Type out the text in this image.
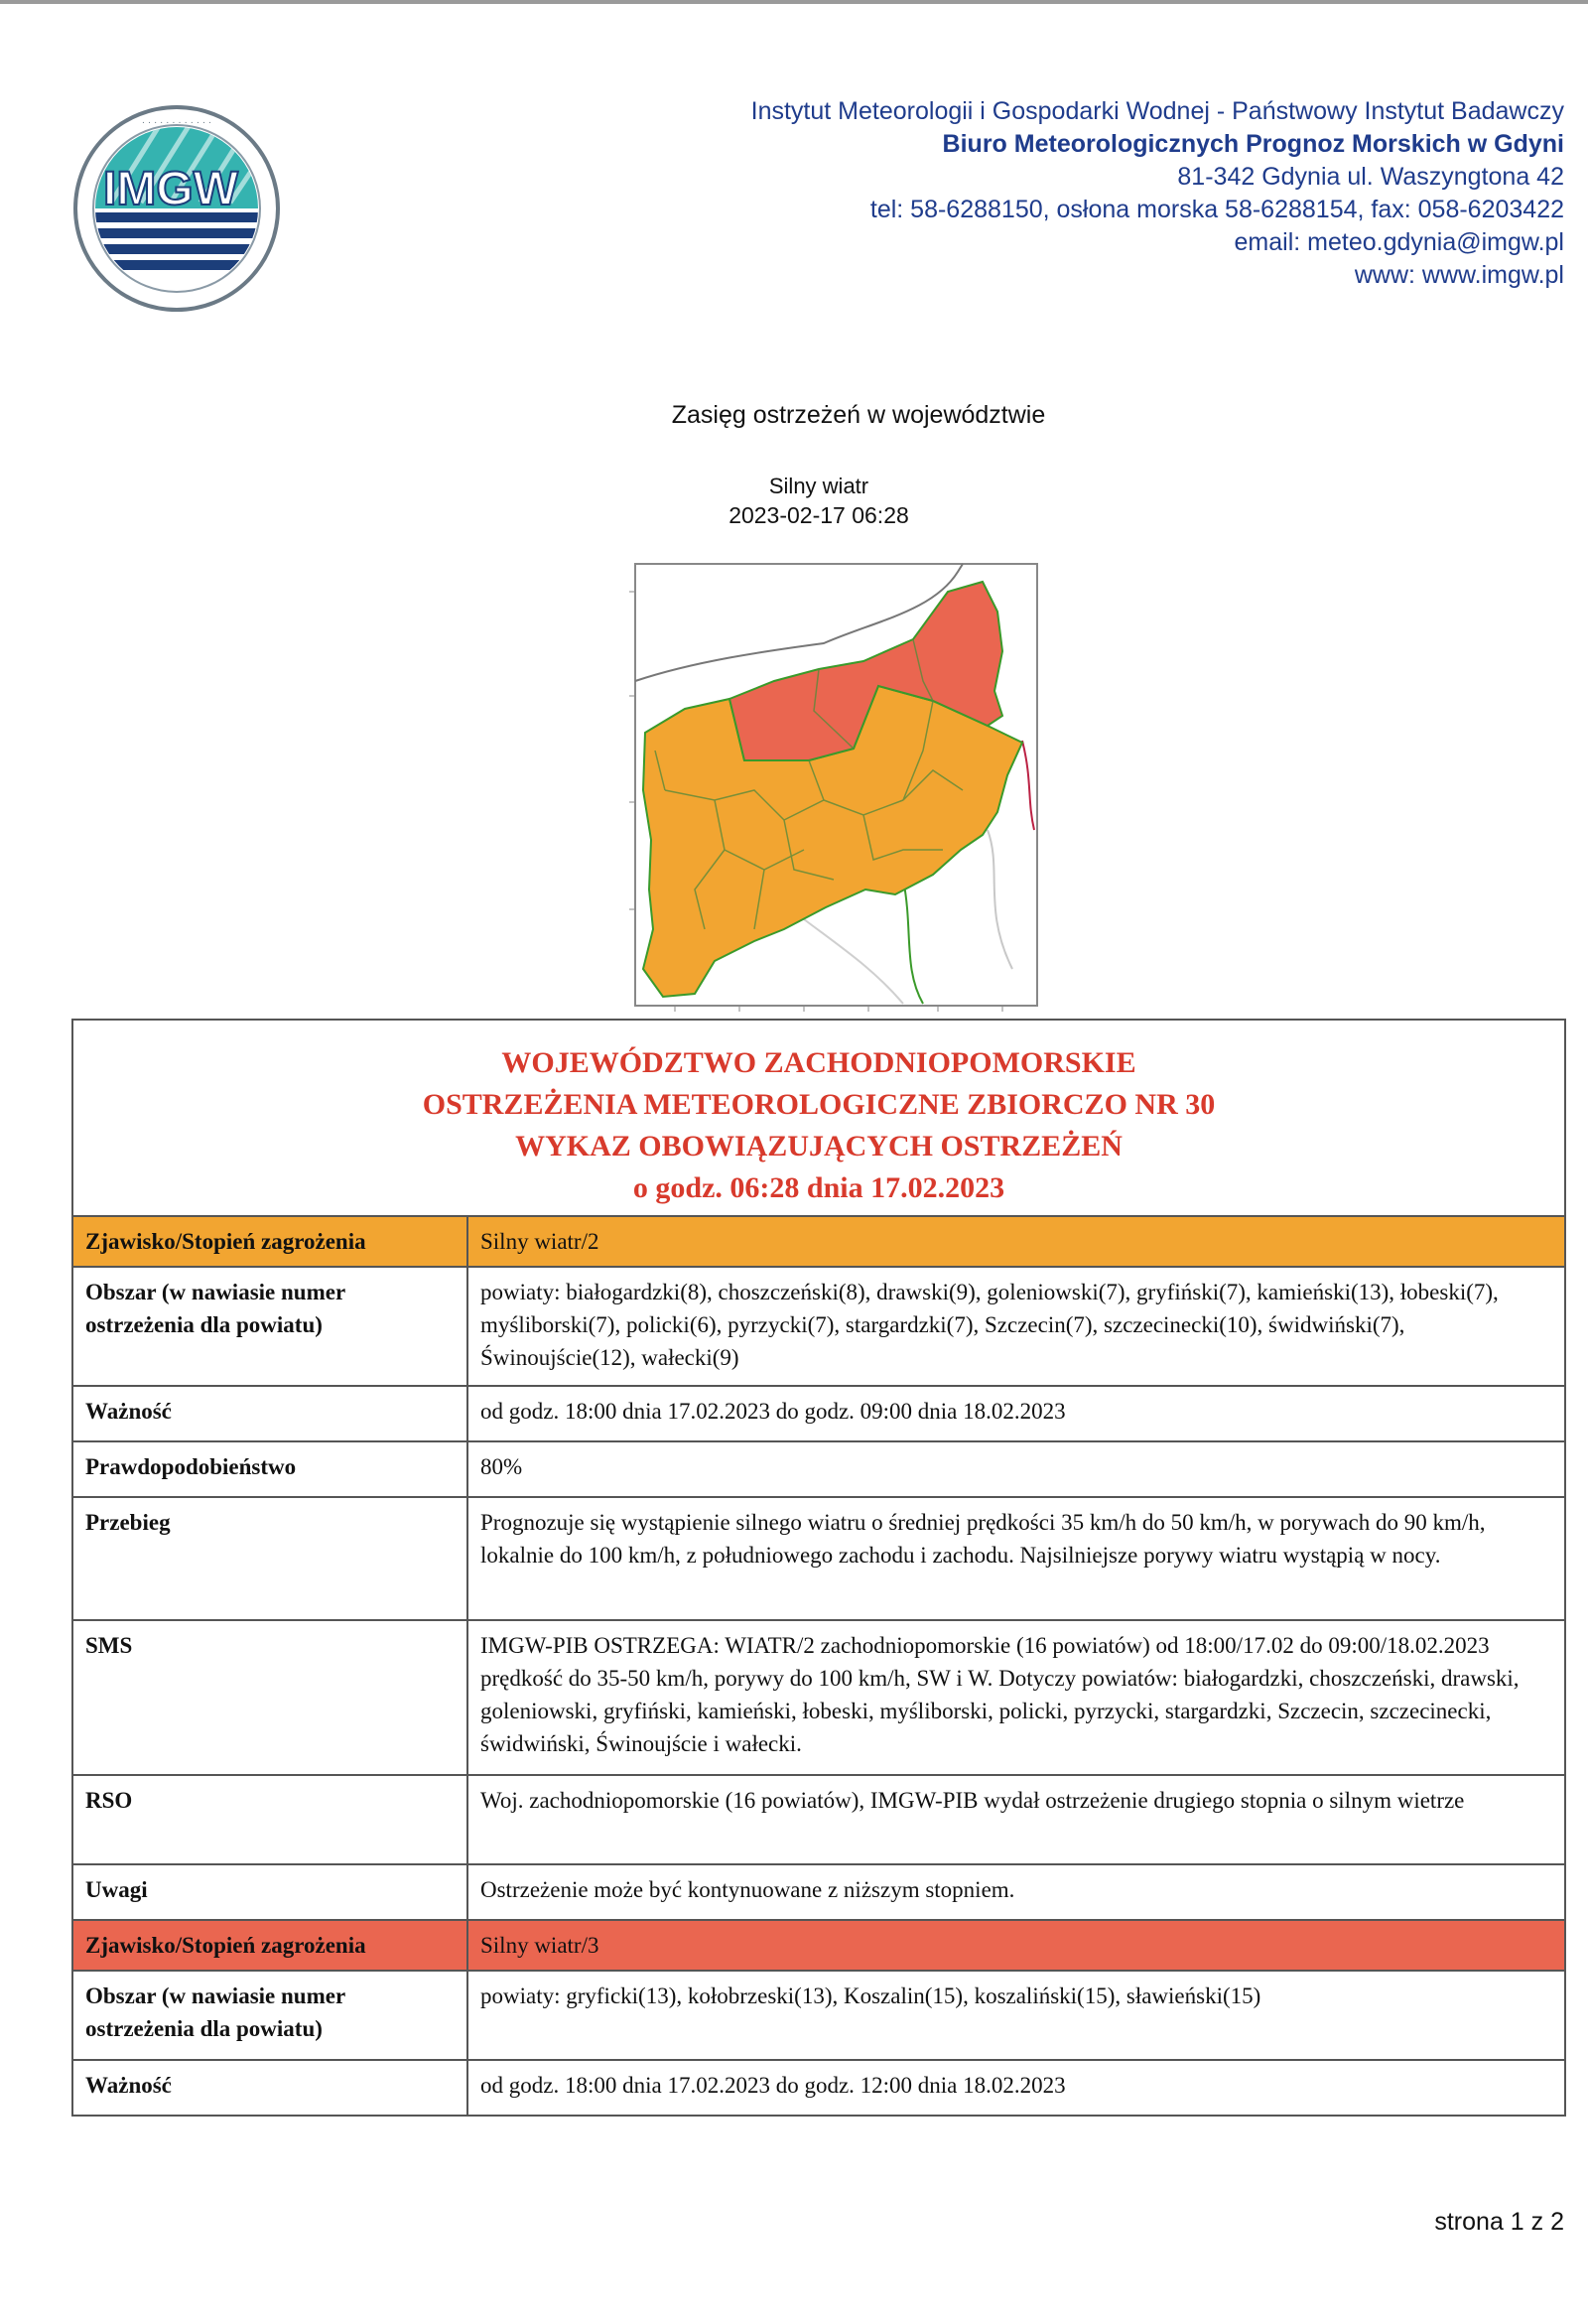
IMGW
· · · · · · · · · · · ·	Instytut Meteorologii i Gospodarki Wodnej - Państwowy Instytut Badawczy
Biuro Meteorologicznych Prognoz Morskich w Gdyni
81-342 Gdynia ul. Waszyngtona 42
tel: 58-6288150, osłona morska 58-6288154, fax: 058-6203422
email: meteo.gdynia@imgw.pl
www: www.imgw.pl
Zasięg ostrzeżeń w województwie
Silny wiatr
2023-02-17 06:28
WOJEWÓDZTWO ZACHODNIOPOMORSKIE
OSTRZEŻENIA METEOROLOGICZNE ZBIORCZO NR 30
WYKAZ OBOWIĄZUJĄCYCH OSTRZEŻEŃ
o godz. 06:28 dnia 17.02.2023	

Zjawisko/Stopień zagrożenia	Silny wiatr/2
Obszar (w nawiasie numer ostrzeżenia dla powiatu)	powiaty: białogardzki(8), choszczeński(8), drawski(9), goleniowski(7), gryfiński(7), kamieński(13), łobeski(7), myśliborski(7), policki(6), pyrzycki(7), stargardzki(7), Szczecin(7), szczecinecki(10), świdwiński(7), Świnoujście(12), wałecki(9)
Ważność	od godz. 18:00 dnia 17.02.2023 do godz. 09:00 dnia 18.02.2023
Prawdopodobieństwo	80%
Przebieg	Prognozuje się wystąpienie silnego wiatru o średniej prędkości 35 km/h do 50 km/h, w porywach do 90 km/h, lokalnie do 100 km/h, z południowego zachodu i zachodu. Najsilniejsze porywy wiatru wystąpią w nocy.
SMS	IMGW-PIB OSTRZEGA: WIATR/2 zachodniopomorskie (16 powiatów) od 18:00/17.02 do 09:00/18.02.2023 prędkość do 35-50 km/h, porywy do 100 km/h, SW i W. Dotyczy powiatów: białogardzki, choszczeński, drawski, goleniowski, gryfiński, kamieński, łobeski, myśliborski, policki, pyrzycki, stargardzki, Szczecin, szczecinecki, świdwiński, Świnoujście i wałecki.
RSO	Woj. zachodniopomorskie (16 powiatów), IMGW-PIB wydał ostrzeżenie drugiego stopnia o silnym wietrze
Uwagi	Ostrzeżenie może być kontynuowane z niższym stopniem.
Zjawisko/Stopień zagrożenia	Silny wiatr/3
Obszar (w nawiasie numer ostrzeżenia dla powiatu)	powiaty: gryficki(13), kołobrzeski(13), Koszalin(15), koszaliński(15), sławieński(15)
Ważność	od godz. 18:00 dnia 17.02.2023 do godz. 12:00 dnia 18.02.2023
strona 1 z 2
